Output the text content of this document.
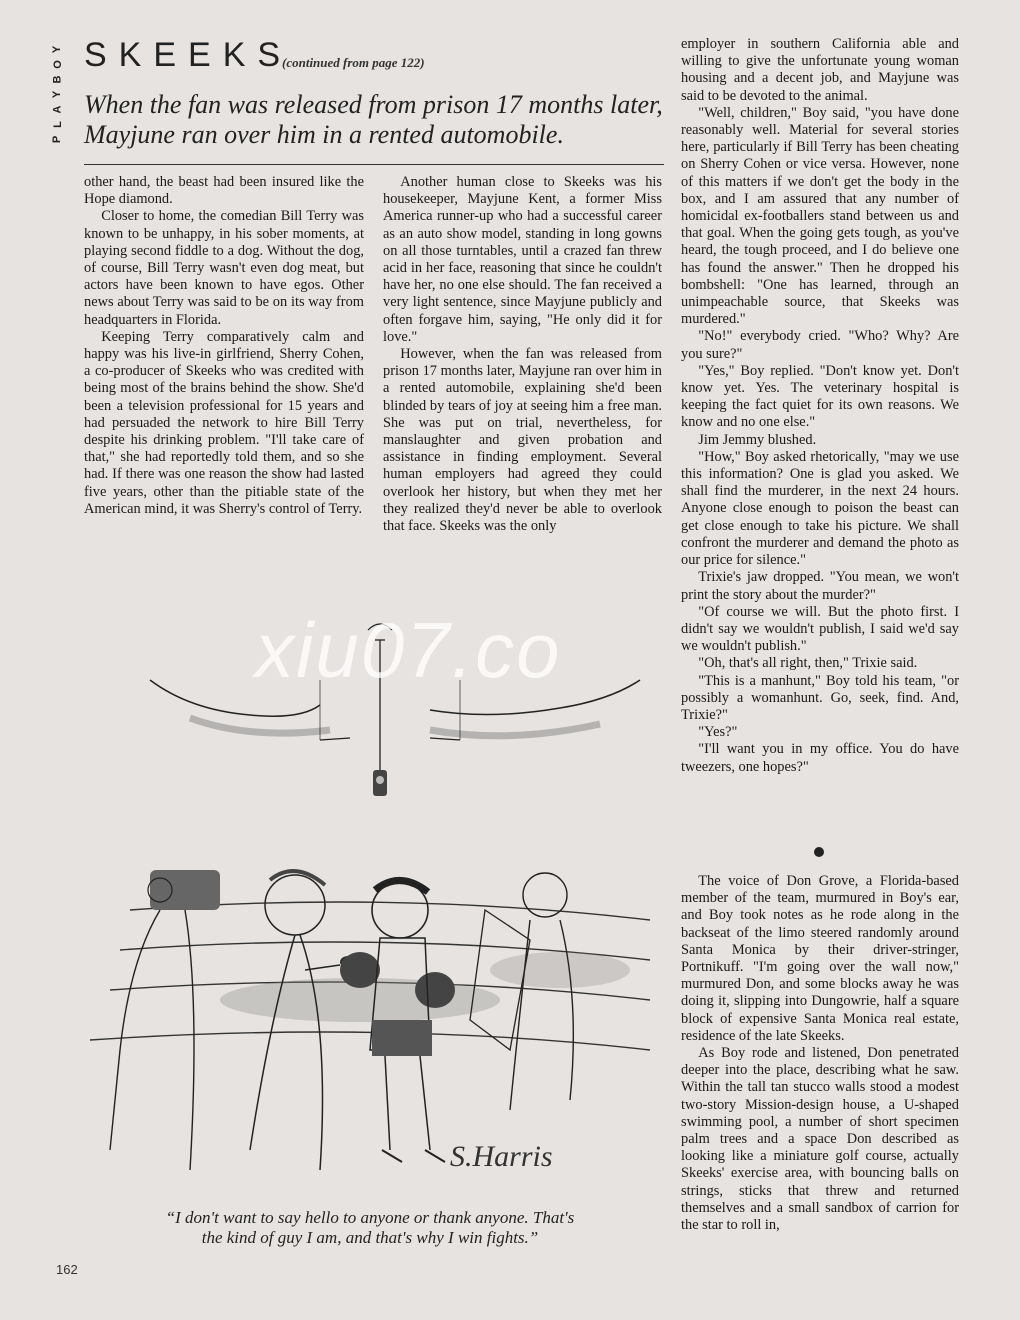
Y
O
B
Y
A
L
P
SKEEKS
(continued from page 122)
When the fan was released from prison 17 months later, Mayjune ran over him in a rented automobile.

other hand, the beast had been insured like the Hope diamond.

Closer to home, the comedian Bill Terry was known to be unhappy, in his sober moments, at playing second fiddle to a dog. Without the dog, of course, Bill Terry wasn't even dog meat, but actors have been known to have egos. Other news about Terry was said to be on its way from headquarters in Florida.

Keeping Terry comparatively calm and happy was his live-in girlfriend, Sherry Cohen, a co-producer of Skeeks who was credited with being most of the brains behind the show. She'd been a television professional for 15 years and had persuaded the network to hire Bill Terry despite his drinking problem. "I'll take care of that," she had reportedly told them, and so she had. If there was one reason the show had lasted five years, other than the pitiable state of the American mind, it was Sherry's control of Terry.

Another human close to Skeeks was his housekeeper, Mayjune Kent, a former Miss America runner-up who had a successful career as an auto show model, standing in long gowns on all those turntables, until a crazed fan threw acid in her face, reasoning that since he couldn't have her, no one else should. The fan received a very light sentence, since Mayjune publicly and often forgave him, saying, "He only did it for love."

However, when the fan was released from prison 17 months later, Mayjune ran over him in a rented automobile, explaining she'd been blinded by tears of joy at seeing him a free man. She was put on trial, nevertheless, for manslaughter and given probation and assistance in finding employment. Several human employers had agreed they could overlook her history, but when they met her they realized they'd never be able to overlook that face. Skeeks was the only

employer in southern California able and willing to give the unfortunate young woman housing and a decent job, and Mayjune was said to be devoted to the animal.

"Well, children," Boy said, "you have done reasonably well. Material for several stories here, particularly if Bill Terry has been cheating on Sherry Cohen or vice versa. However, none of this matters if we don't get the body in the box, and I am assured that any number of homicidal ex-footballers stand between us and that goal. When the going gets tough, as you've heard, the tough proceed, and I do believe one has found the answer." Then he dropped his bombshell: "One has learned, through an unimpeachable source, that Skeeks was murdered."

"No!" everybody cried. "Who? Why? Are you sure?"

"Yes," Boy replied. "Don't know yet. Don't know yet. Yes. The veterinary hospital is keeping the fact quiet for its own reasons. We know and no one else."

Jim Jemmy blushed.

"How," Boy asked rhetorically, "may we use this information? One is glad you asked. We shall find the murderer, in the next 24 hours. Anyone close enough to poison the beast can get close enough to take his picture. We shall confront the murderer and demand the photo as our price for silence."

Trixie's jaw dropped. "You mean, we won't print the story about the murder?"

"Of course we will. But the photo first. I didn't say we wouldn't publish, I said we'd say we wouldn't publish."

"Oh, that's all right, then," Trixie said.

"This is a manhunt," Boy told his team, "or possibly a womanhunt. Go, seek, find. And, Trixie?"

"Yes?"

"I'll want you in my office. You do have tweezers, one hopes?"

The voice of Don Grove, a Florida-based member of the team, murmured in Boy's ear, and Boy took notes as he rode along in the backseat of the limo steered randomly around Santa Monica by their driver-stringer, Portnikuff. "I'm going over the wall now," murmured Don, and some blocks away he was doing it, slipping into Dungowrie, half a square block of expensive Santa Monica real estate, residence of the late Skeeks.

As Boy rode and listened, Don penetrated deeper into the place, describing what he saw. Within the tall tan stucco walls stood a modest two-story Mission-design house, a U-shaped swimming pool, a number of short specimen palm trees and a space Don described as looking like a miniature golf course, actually Skeeks' exercise area, with bouncing balls on strings, sticks that threw and returned themselves and a small sandbox of carrion for the star to roll in,

S.Harris
“I don't want to say hello to anyone or thank anyone. That's the kind of guy I am, and that's why I win fights.”
162
xiu07.co
